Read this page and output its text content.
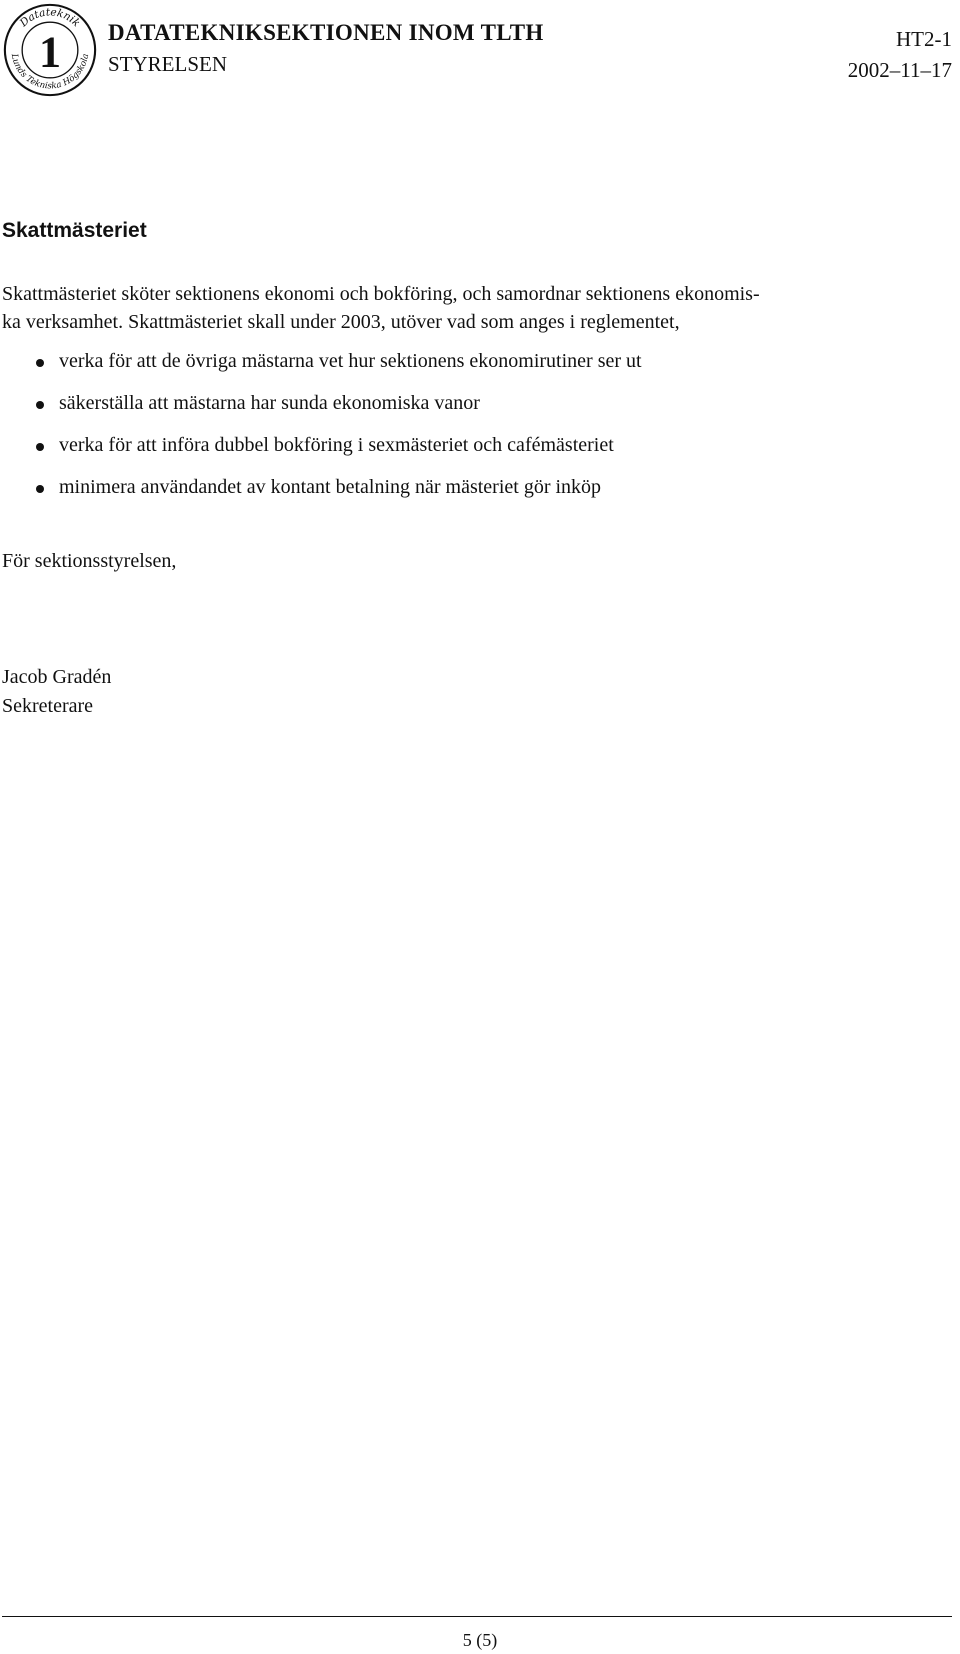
Datateknik
Lunds Tekniska Högskola
1 DATATEKNIKSEKTIONEN INOM TLTH
STYRELSEN
HT2-1
2002–11–17
Skattmästeriet

Skattmästeriet sköter sektionens ekonomi och bokföring, och samordnar sektionens ekonomis-
ka verksamhet. Skattmästeriet skall under 2003, utöver vad som anges i reglementet,

verka för att de övriga mästarna vet hur sektionens ekonomirutiner ser ut
säkerställa att mästarna har sunda ekonomiska vanor
verka för att införa dubbel bokföring i sexmästeriet och cafémästeriet
minimera användandet av kontant betalning när mästeriet gör inköp
För sektionsstyrelsen,
Jacob Gradén
Sekreterare
5 (5)
